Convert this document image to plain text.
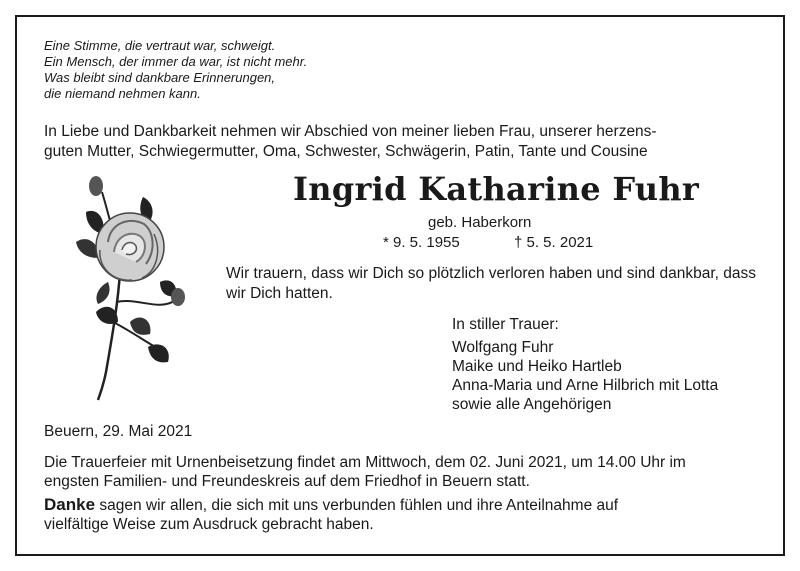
Eine Stimme, die vertraut war, schweigt.
Ein Mensch, der immer da war, ist nicht mehr.
Was bleibt sind dankbare Erinnerungen,
die niemand nehmen kann.
In Liebe und Dankbarkeit nehmen wir Abschied von meiner lieben Frau, unserer herzens-
guten Mutter, Schwiegermutter, Oma, Schwester, Schwägerin, Patin, Tante und Cousine
Ingrid Katharine Fuhr
geb. Haberkorn
* 9. 5. 1955	† 5. 5. 2021
Wir trauern, dass wir Dich so plötzlich verloren haben und sind dankbar, dass wir Dich hatten.
In stiller Trauer:
Wolfgang Fuhr
Maike und Heiko Hartleb
Anna-Maria und Arne Hilbrich mit Lotta
sowie alle Angehörigen
Beuern, 29. Mai 2021
Die Trauerfeier mit Urnenbeisetzung findet am Mittwoch, dem 02. Juni 2021, um 14.00 Uhr im
engsten Familien- und Freundeskreis auf dem Friedhof in Beuern statt.
Danke sagen wir allen, die sich mit uns verbunden fühlen und ihre Anteilnahme auf
vielfältige Weise zum Ausdruck gebracht haben.
